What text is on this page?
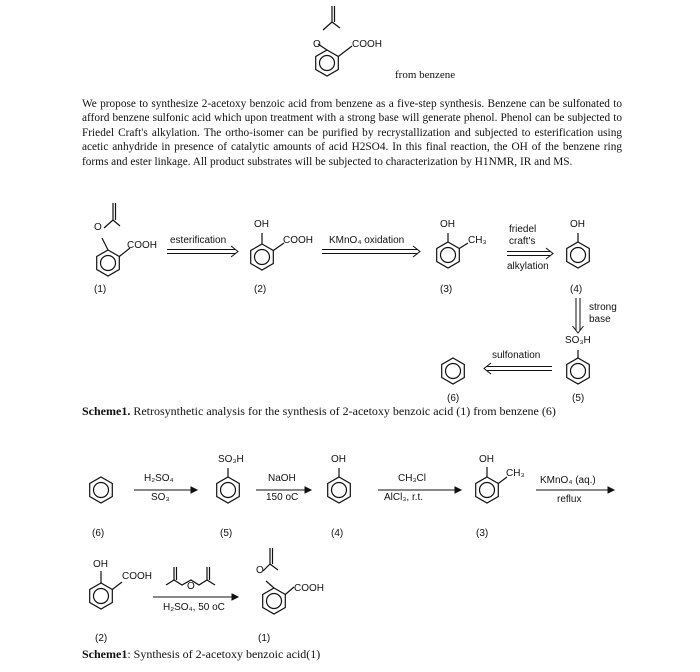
O	COOH
from benzene
We propose to synthesize 2-acetoxy benzoic acid from benzene as a five-step synthesis. Benzene can be sulfonated to afford benzene sulfonic acid which upon treatment with a strong base will generate phenol. Phenol can be subjected to Friedel Craft's alkylation. The ortho-isomer can be purified by recrystallization and subjected to esterification using acetic anhydride in presence of catalytic amounts of acid H2SO4. In this final reaction, the OH of the benzene ring forms and ester linkage. All product substrates will be subjected to characterization by H1NMR, IR and MS.
O
COOH
(1)
esterification
OH
COOH
(2)
KMnO₄ oxidation
OH
CH₃
(3)
friedel
craft's
alkylation
OH
(4)
strong
base
SO₃H
sulfonation
(6)	(5)
Scheme1. Retrosynthetic analysis for the synthesis of 2-acetoxy benzoic acid (1) from benzene (6)
H₂SO₄
SO₃
SO₃H
NaOH
150 oC
OH
CH₃Cl
AlCl₃, r.t.
OH
CH₃
KMnO₄ (aq.)
reflux
(6)	(5)	(4)	(3)
OH
COOH
O
H₂SO₄, 50 oC
O
COOH
(2)	(1)
Scheme1: Synthesis of 2-acetoxy benzoic acid(1)
